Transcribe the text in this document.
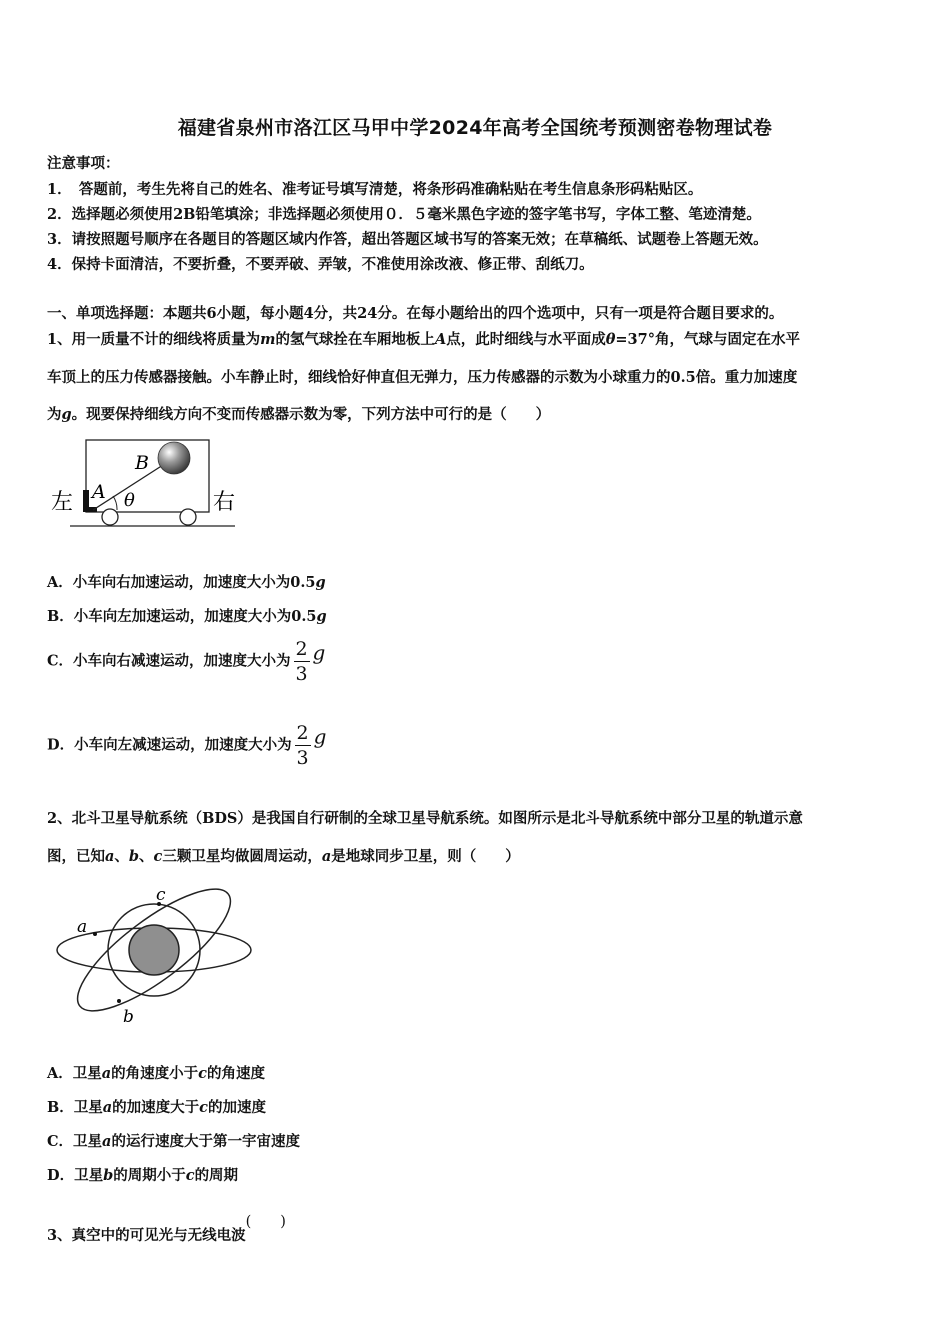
福建省泉州市洛江区马甲中学2024年高考全国统考预测密卷物理试卷
注意事项：
1．　答题前，考生先将自己的姓名、准考证号填写清楚，将条形码准确粘贴在考生信息条形码粘贴区。
2．选择题必须使用2B铅笔填涂；非选择题必须使用０．５毫米黑色字迹的签字笔书写，字体工整、笔迹清楚。
3．请按照题号顺序在各题目的答题区域内作答，超出答题区域书写的答案无效；在草稿纸、试题卷上答题无效。
4．保持卡面清洁，不要折叠，不要弄破、弄皱，不准使用涂改液、修正带、刮纸刀。
一、单项选择题：本题共6小题，每小题4分，共24分。在每小题给出的四个选项中，只有一项是符合题目要求的。
1、用一质量不计的细线将质量为m的氢气球拴在车厢地板上A点，此时细线与水平面成θ=37°角，气球与固定在水平
车顶上的压力传感器接触。小车静止时，细线恰好伸直但无弹力，压力传感器的示数为小球重力的0.5倍。重力加速度
为g。现要保持细线方向不变而传感器示数为零，下列方法中可行的是（　　）
左	右
A
B
θ
A．小车向右加速运动，加速度大小为0.5g
B．小车向左加速运动，加速度大小为0.5g
C．小车向右减速运动，加速度大小为 $\frac{2}{3}$ g
D．小车向左减速运动，加速度大小为 $\frac{2}{3}$ g
2、北斗卫星导航系统（BDS）是我国自行研制的全球卫星导航系统。如图所示是北斗导航系统中部分卫星的轨道示意
图，已知a、b、c三颗卫星均做圆周运动，a是地球同步卫星，则（　　）
a
b
c
A．卫星a的角速度小于c的角速度
B．卫星a的加速度大于c的加速度
C．卫星a的运行速度大于第一宇宙速度
D．卫星b的周期小于c的周期
3、真空中的可见光与无线电波(　　)
